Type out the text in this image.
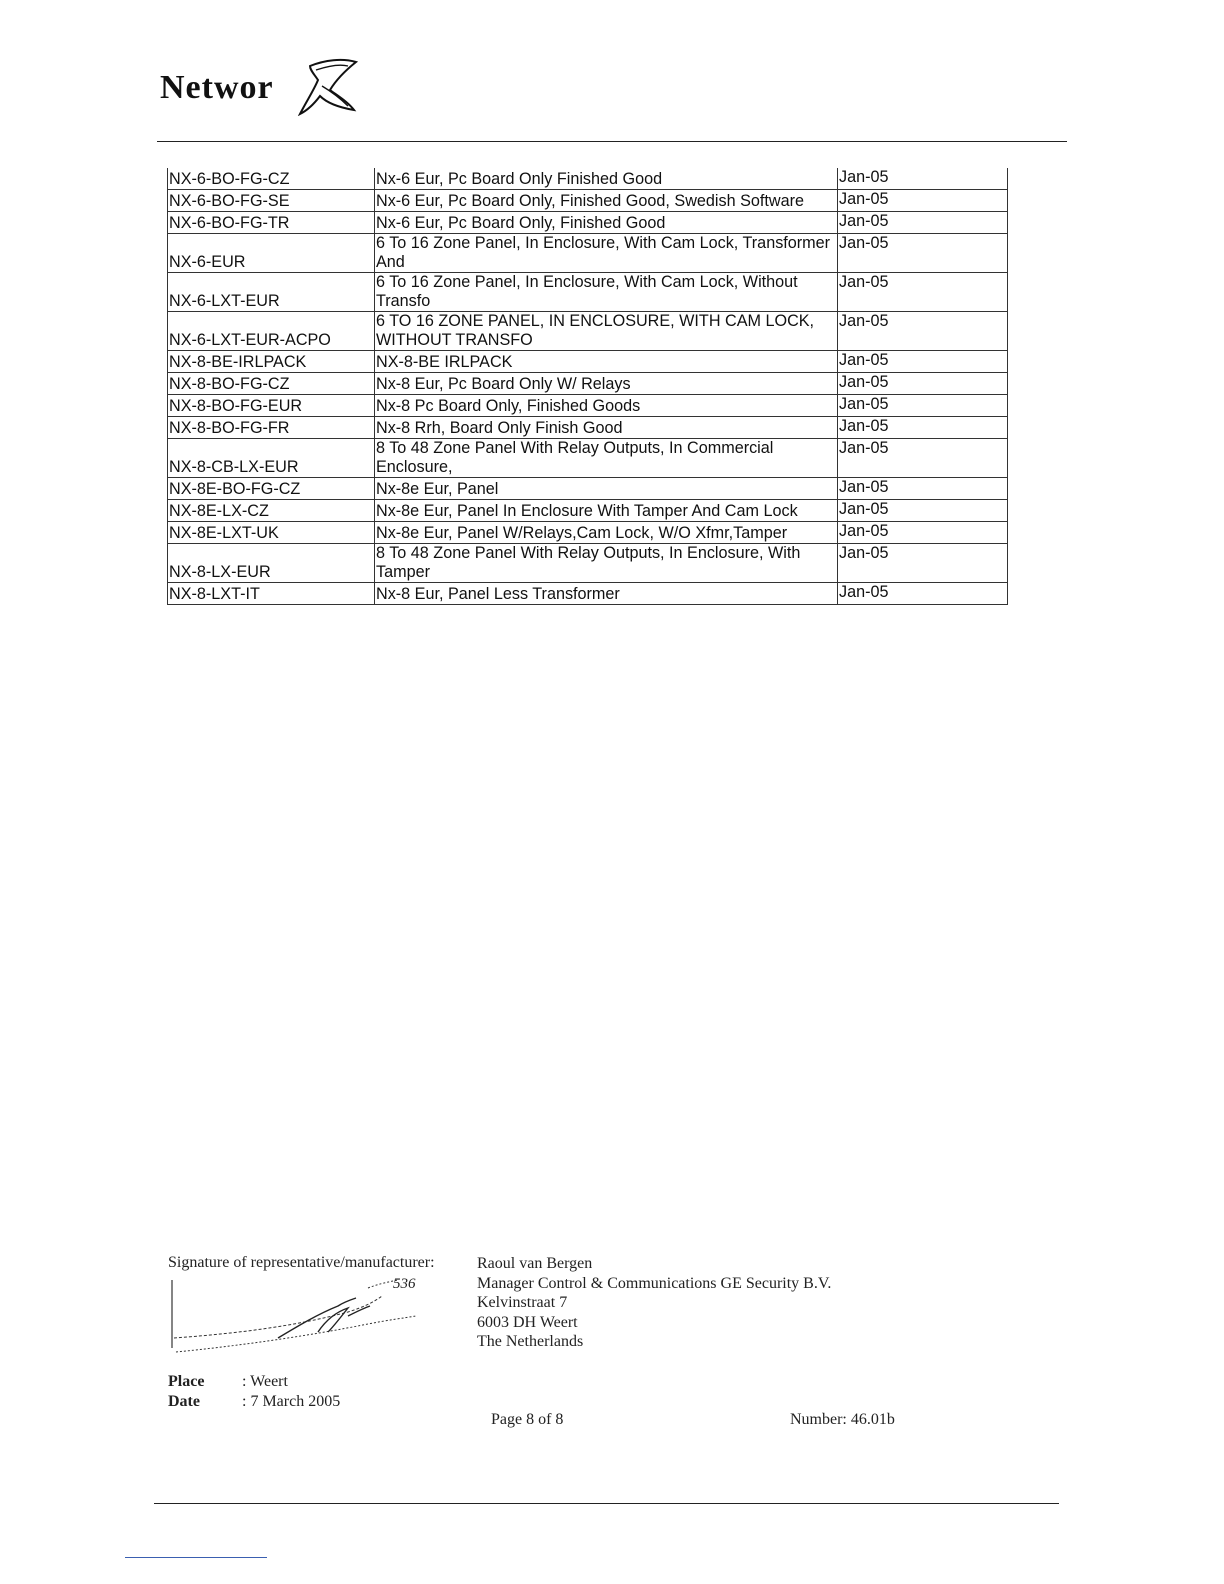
Networ
NX-6-BO-FG-CZ	Nx-6 Eur, Pc Board Only Finished Good	Jan-05
NX-6-BO-FG-SE	Nx-6 Eur, Pc Board Only, Finished Good, Swedish Software	Jan-05
NX-6-BO-FG-TR	Nx-6 Eur, Pc Board Only, Finished Good	Jan-05
NX-6-EUR	6 To 16 Zone Panel, In Enclosure, With Cam Lock, Transformer And	Jan-05
NX-6-LXT-EUR	6 To 16 Zone Panel, In Enclosure, With Cam Lock, Without Transfo	Jan-05
NX-6-LXT-EUR-ACPO	6 TO 16 ZONE PANEL, IN ENCLOSURE, WITH CAM LOCK, WITHOUT TRANSFO	Jan-05
NX-8-BE-IRLPACK	NX-8-BE IRLPACK	Jan-05
NX-8-BO-FG-CZ	Nx-8 Eur, Pc Board Only W/ Relays	Jan-05
NX-8-BO-FG-EUR	Nx-8 Pc Board Only, Finished Goods	Jan-05
NX-8-BO-FG-FR	Nx-8 Rrh, Board Only Finish Good	Jan-05
NX-8-CB-LX-EUR	8 To 48 Zone Panel With Relay Outputs, In Commercial Enclosure,	Jan-05
NX-8E-BO-FG-CZ	Nx-8e Eur, Panel	Jan-05
NX-8E-LX-CZ	Nx-8e Eur, Panel In Enclosure With Tamper And Cam Lock	Jan-05
NX-8E-LXT-UK	Nx-8e Eur, Panel W/Relays,Cam Lock, W/O Xfmr,Tamper	Jan-05
NX-8-LX-EUR	8 To 48 Zone Panel With Relay Outputs, In Enclosure, With Tamper	Jan-05
NX-8-LXT-IT	Nx-8 Eur, Panel Less Transformer	Jan-05
Signature of representative/manufacturer:
536
Raoul van Bergen
Manager Control & Communications GE Security B.V.
Kelvinstraat 7
6003 DH Weert
The Netherlands
Place	: Weert
Date	: 7 March 2005
Page 8 of 8	Number: 46.01b
